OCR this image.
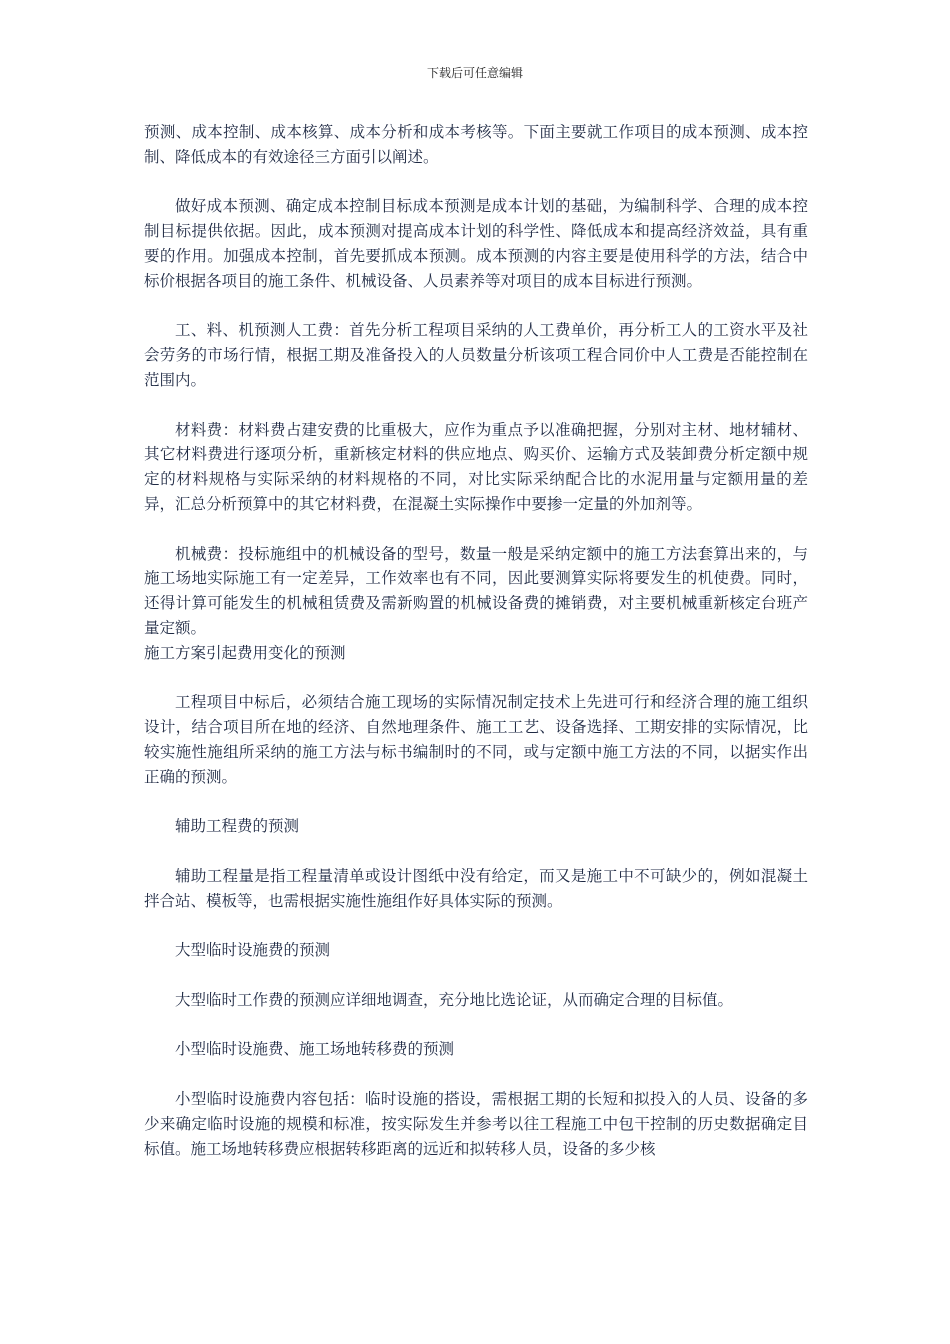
下载后可任意编辑

预测、成本控制、成本核算、成本分析和成本考核等。下面主要就工作项目的成本预测、成本控制、降低成本的有效途径三方面引以阐述。

做好成本预测、确定成本控制目标成本预测是成本计划的基础，为编制科学、合理的成本控制目标提供依据。因此，成本预测对提高成本计划的科学性、降低成本和提高经济效益，具有重要的作用。加强成本控制，首先要抓成本预测。成本预测的内容主要是使用科学的方法，结合中标价根据各项目的施工条件、机械设备、人员素养等对项目的成本目标进行预测。

工、料、机预测人工费：首先分析工程项目采纳的人工费单价，再分析工人的工资水平及社会劳务的市场行情，根据工期及准备投入的人员数量分析该项工程合同价中人工费是否能控制在范围内。

材料费：材料费占建安费的比重极大，应作为重点予以准确把握，分别对主材、地材辅材、其它材料费进行逐项分析，重新核定材料的供应地点、购买价、运输方式及装卸费分析定额中规定的材料规格与实际采纳的材料规格的不同，对比实际采纳配合比的水泥用量与定额用量的差异，汇总分析预算中的其它材料费，在混凝土实际操作中要掺一定量的外加剂等。

机械费：投标施组中的机械设备的型号，数量一般是采纳定额中的施工方法套算出来的，与施工场地实际施工有一定差异，工作效率也有不同，因此要测算实际将要发生的机使费。同时，还得计算可能发生的机械租赁费及需新购置的机械设备费的摊销费，对主要机械重新核定台班产量定额。

施工方案引起费用变化的预测

工程项目中标后，必须结合施工现场的实际情况制定技术上先进可行和经济合理的施工组织设计，结合项目所在地的经济、自然地理条件、施工工艺、设备选择、工期安排的实际情况，比较实施性施组所采纳的施工方法与标书编制时的不同，或与定额中施工方法的不同，以据实作出正确的预测。

辅助工程费的预测

辅助工程量是指工程量清单或设计图纸中没有给定，而又是施工中不可缺少的，例如混凝土拌合站、模板等，也需根据实施性施组作好具体实际的预测。

大型临时设施费的预测

大型临时工作费的预测应详细地调查，充分地比选论证，从而确定合理的目标值。

小型临时设施费、施工场地转移费的预测

小型临时设施费内容包括：临时设施的搭设，需根据工期的长短和拟投入的人员、设备的多少来确定临时设施的规模和标准，按实际发生并参考以往工程施工中包干控制的历史数据确定目标值。施工场地转移费应根据转移距离的远近和拟转移人员，设备的多少核
